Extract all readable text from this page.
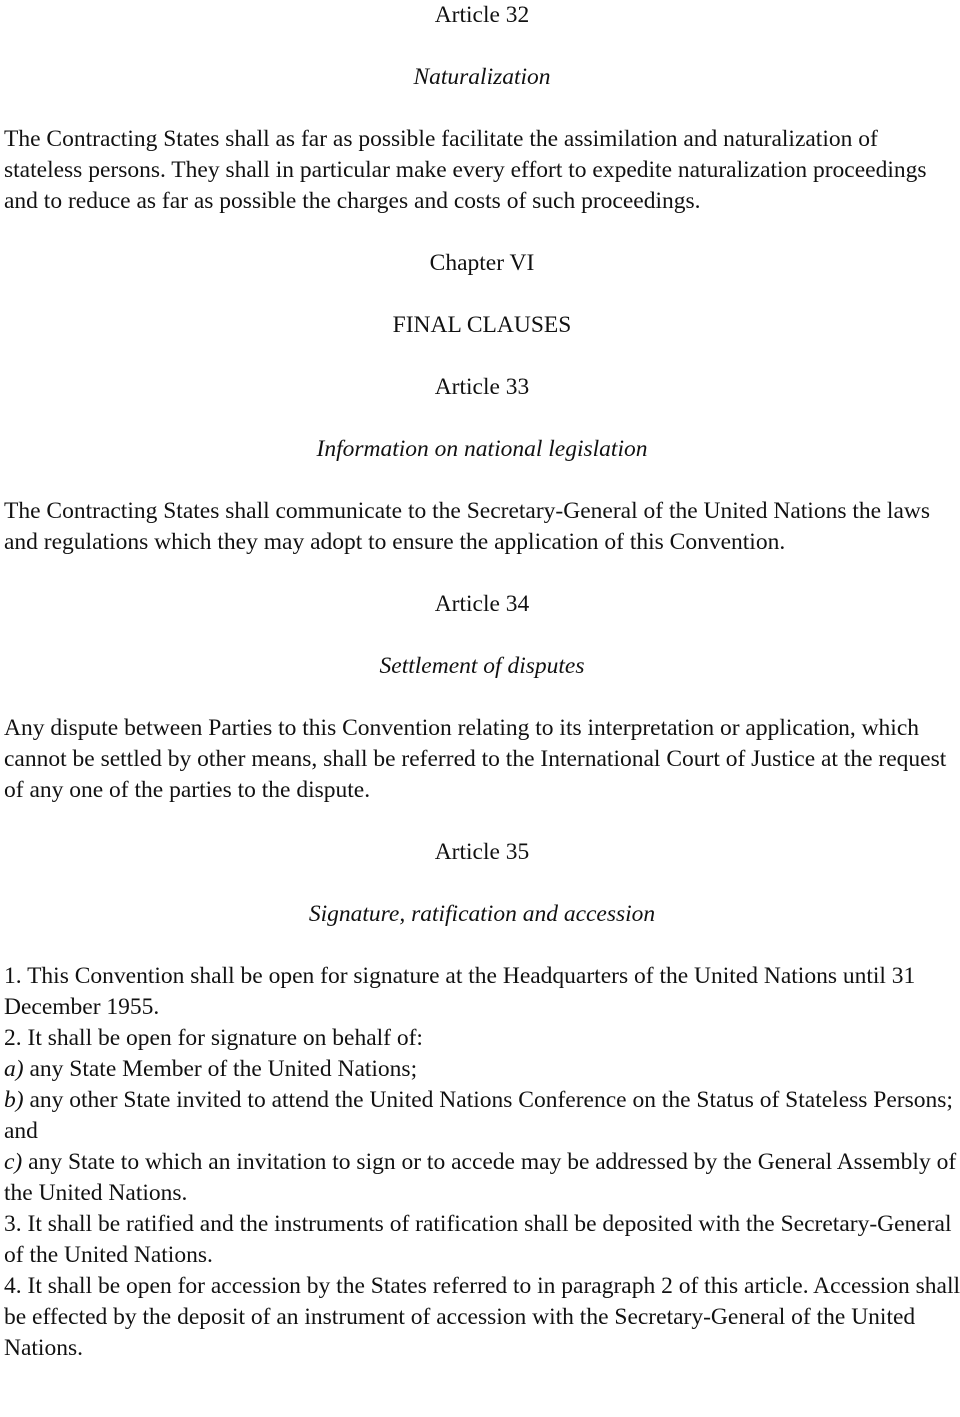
Article 32

Naturalization

The Contracting States shall as far as possible facilitate the assimilation and naturalization of stateless persons. They shall in particular make every effort to expedite naturalization proceedings and to reduce as far as possible the charges and costs of such proceedings.

Chapter VI

FINAL CLAUSES

Article 33

Information on national legislation

The Contracting States shall communicate to the Secretary-General of the United Nations the laws and regulations which they may adopt to ensure the application of this Convention.

Article 34

Settlement of disputes

Any dispute between Parties to this Convention relating to its interpretation or application, which cannot be settled by other means, shall be referred to the International Court of Justice at the request of any one of the parties to the dispute.

Article 35

Signature, ratification and accession

1. This Convention shall be open for signature at the Headquarters of the United Nations until 31 December 1955.

2. It shall be open for signature on behalf of:

a) any State Member of the United Nations;

b) any other State invited to attend the United Nations Conference on the Status of Stateless Persons; and

c) any State to which an invitation to sign or to accede may be addressed by the General Assembly of the United Nations.

3. It shall be ratified and the instruments of ratification shall be deposited with the Secretary-General of the United Nations.

4. It shall be open for accession by the States referred to in paragraph 2 of this article. Accession shall be effected by the deposit of an instrument of accession with the Secretary-General of the United Nations.
